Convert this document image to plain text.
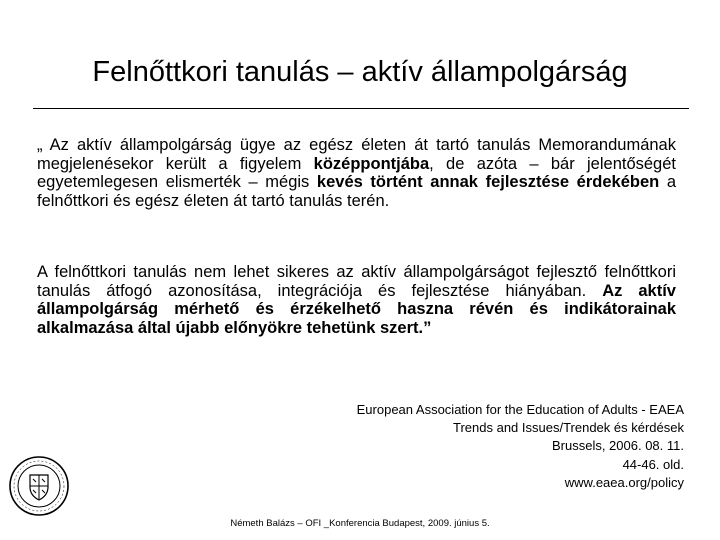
Felnőttkori tanulás – aktív állampolgárság
„ Az aktív állampolgárság ügye az egész életen át tartó tanulás Memorandumának megjelenésekor került a figyelem középpontjába, de azóta – bár jelentőségét egyetemlegesen elismerték – mégis kevés történt annak fejlesztése érdekében a felnőttkori és egész életen át tartó tanulás terén.
A felnőttkori tanulás nem lehet sikeres az aktív állampolgárságot fejlesztő felnőttkori tanulás átfogó azonosítása, integrációja és fejlesztése hiányában. Az aktív állampolgárság mérhető és érzékelhető haszna révén és indikátorainak alkalmazása által újabb előnyökre tehetünk szert.”
European Association for the Education of Adults - EAEA
Trends and Issues/Trendek és kérdések
Brussels, 2006. 08. 11.
44-46. old.
www.eaea.org/policy
Németh Balázs – OFI _Konferencia Budapest, 2009. június 5.
